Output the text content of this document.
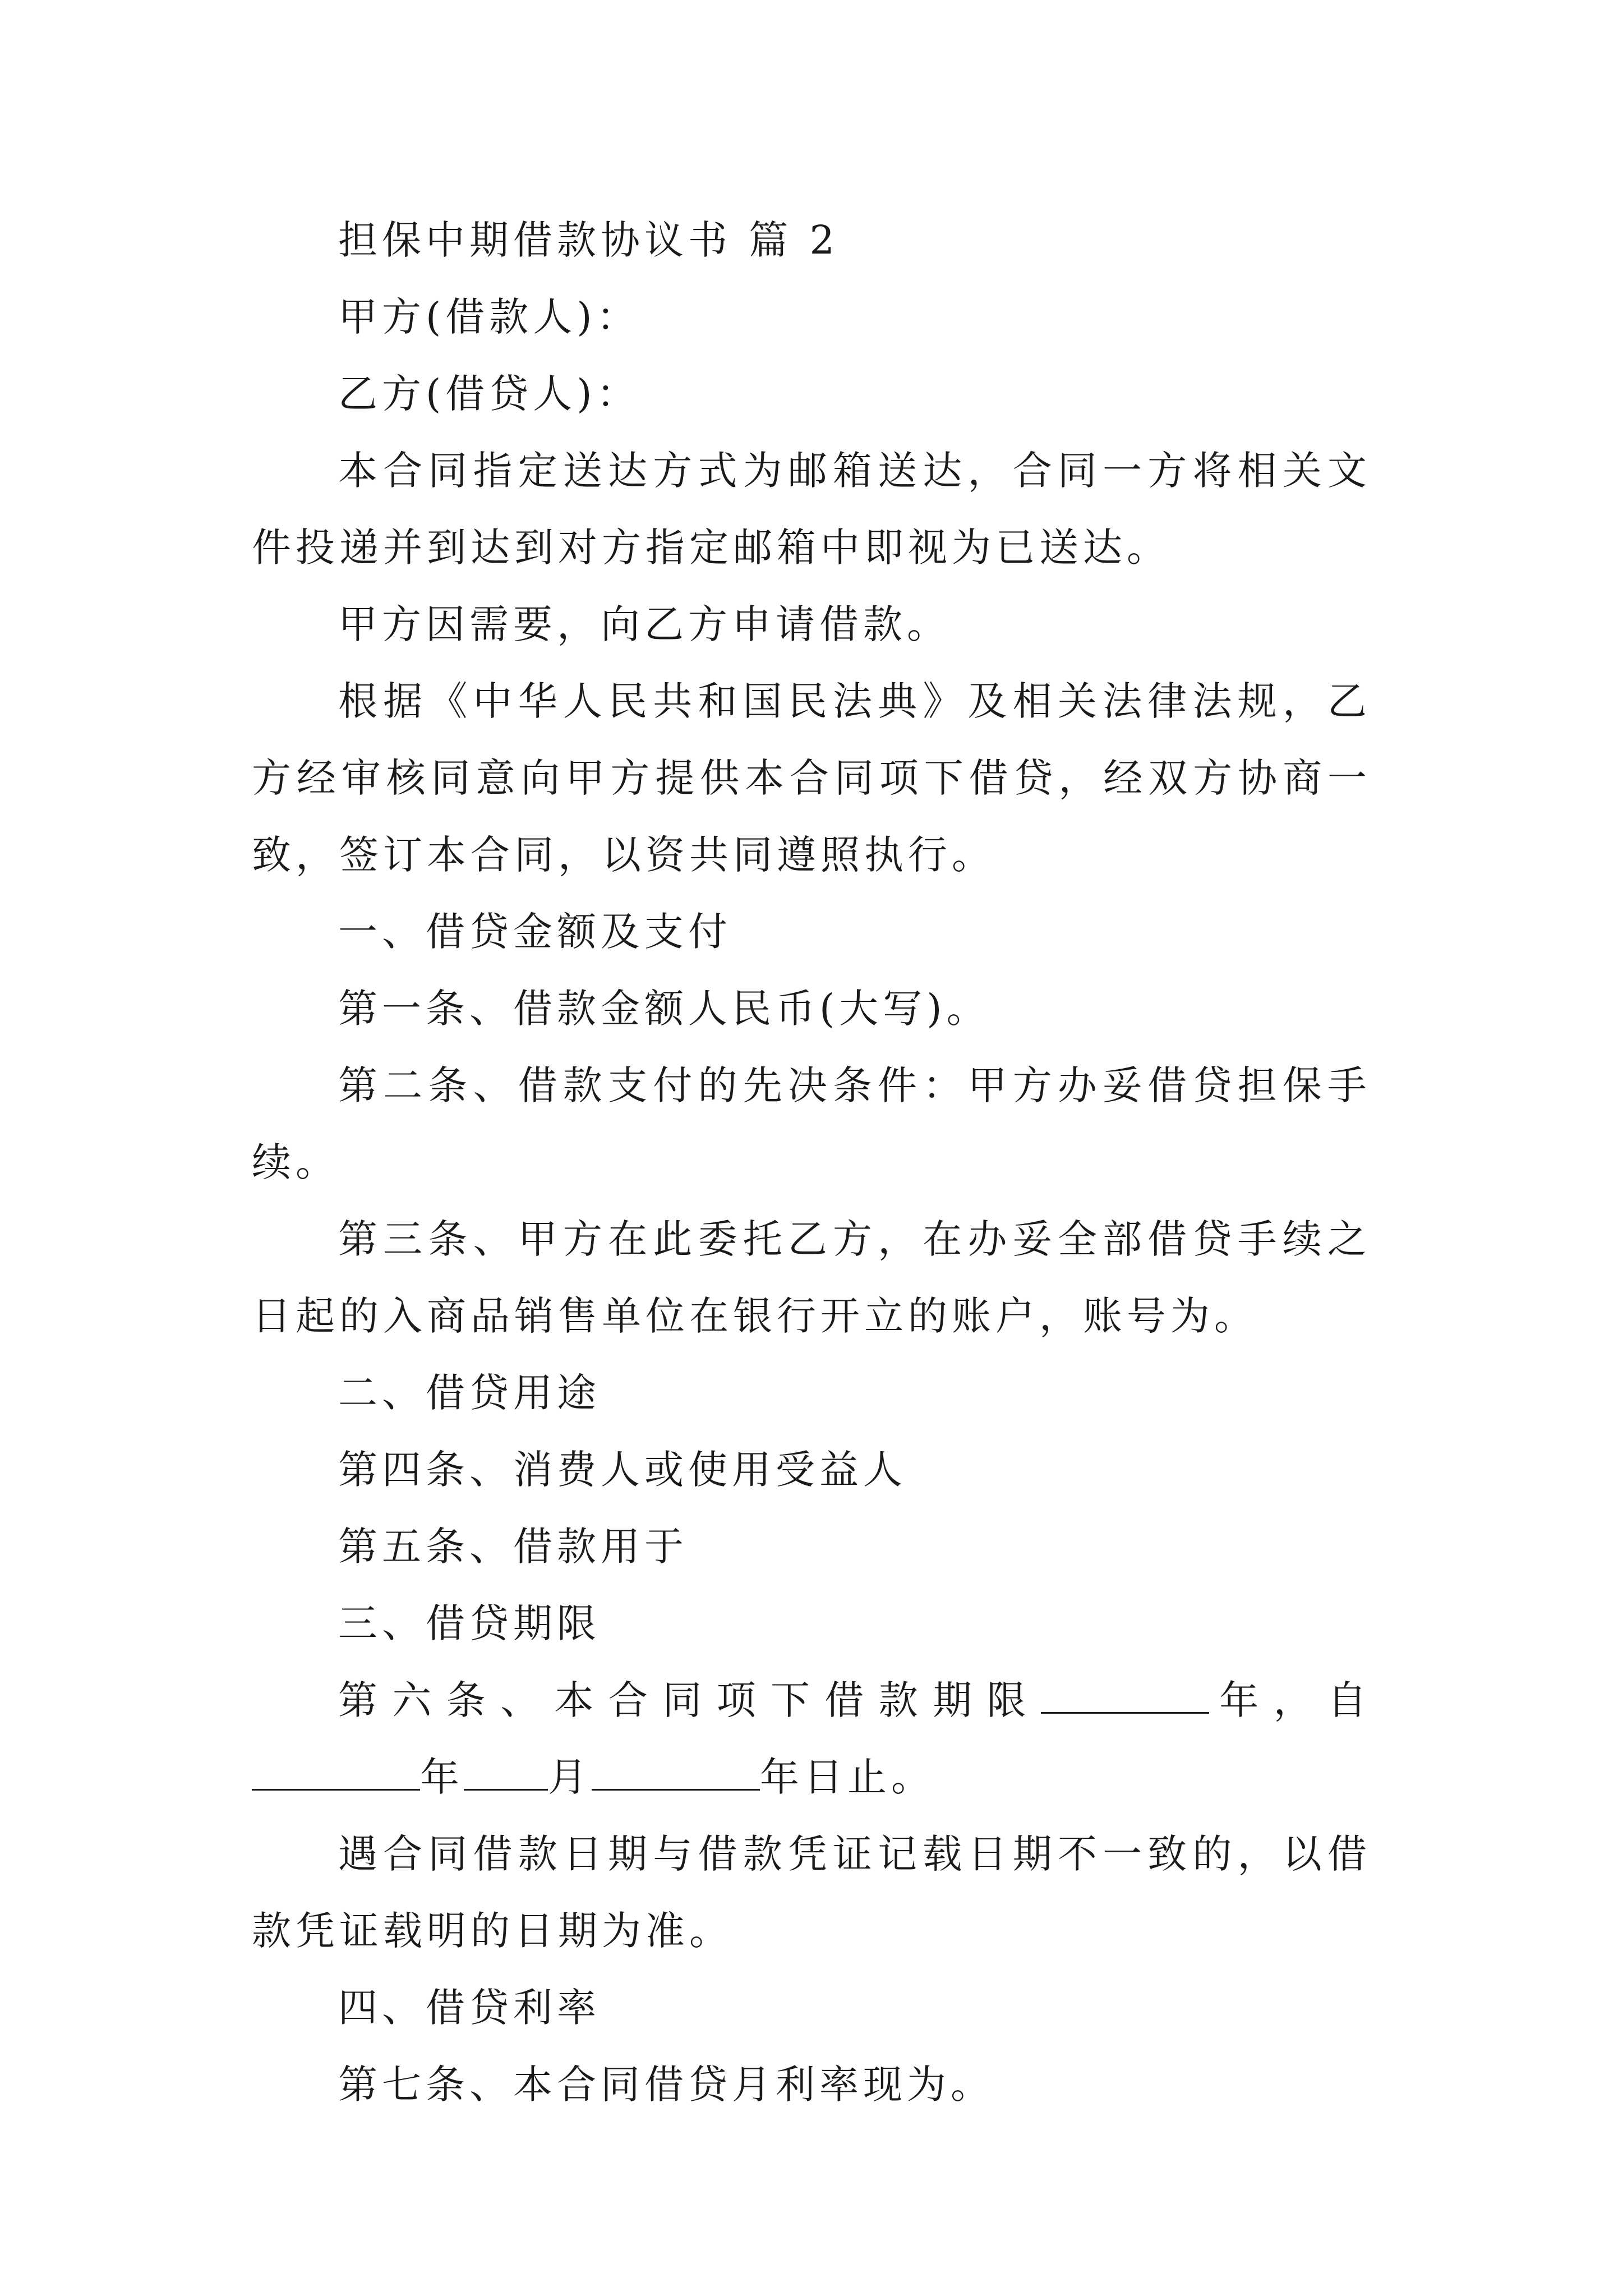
担保中期借款协议书 篇 2

甲方(借款人)：

乙方(借贷人)：

本合同指定送达方式为邮箱送达，合同一方将相关文件投递并到达到对方指定邮箱中即视为已送达。

甲方因需要，向乙方申请借款。

根据《中华人民共和国民法典》及相关法律法规，乙方经审核同意向甲方提供本合同项下借贷，经双方协商一致，签订本合同，以资共同遵照执行。

一、借贷金额及支付

第一条、借款金额人民币(大写)。

第二条、借款支付的先决条件：甲方办妥借贷担保手续。

第三条、甲方在此委托乙方，在办妥全部借贷手续之日起的入商品销售单位在银行开立的账户，账号为。

二、借贷用途

第四条、消费人或使用受益人

第五条、借款用于

三、借贷期限

第六条、本合同项下借款期限	年，自年 月	年日止。

遇合同借款日期与借款凭证记载日期不一致的，以借款凭证载明的日期为准。

四、借贷利率

第七条、本合同借贷月利率现为。
